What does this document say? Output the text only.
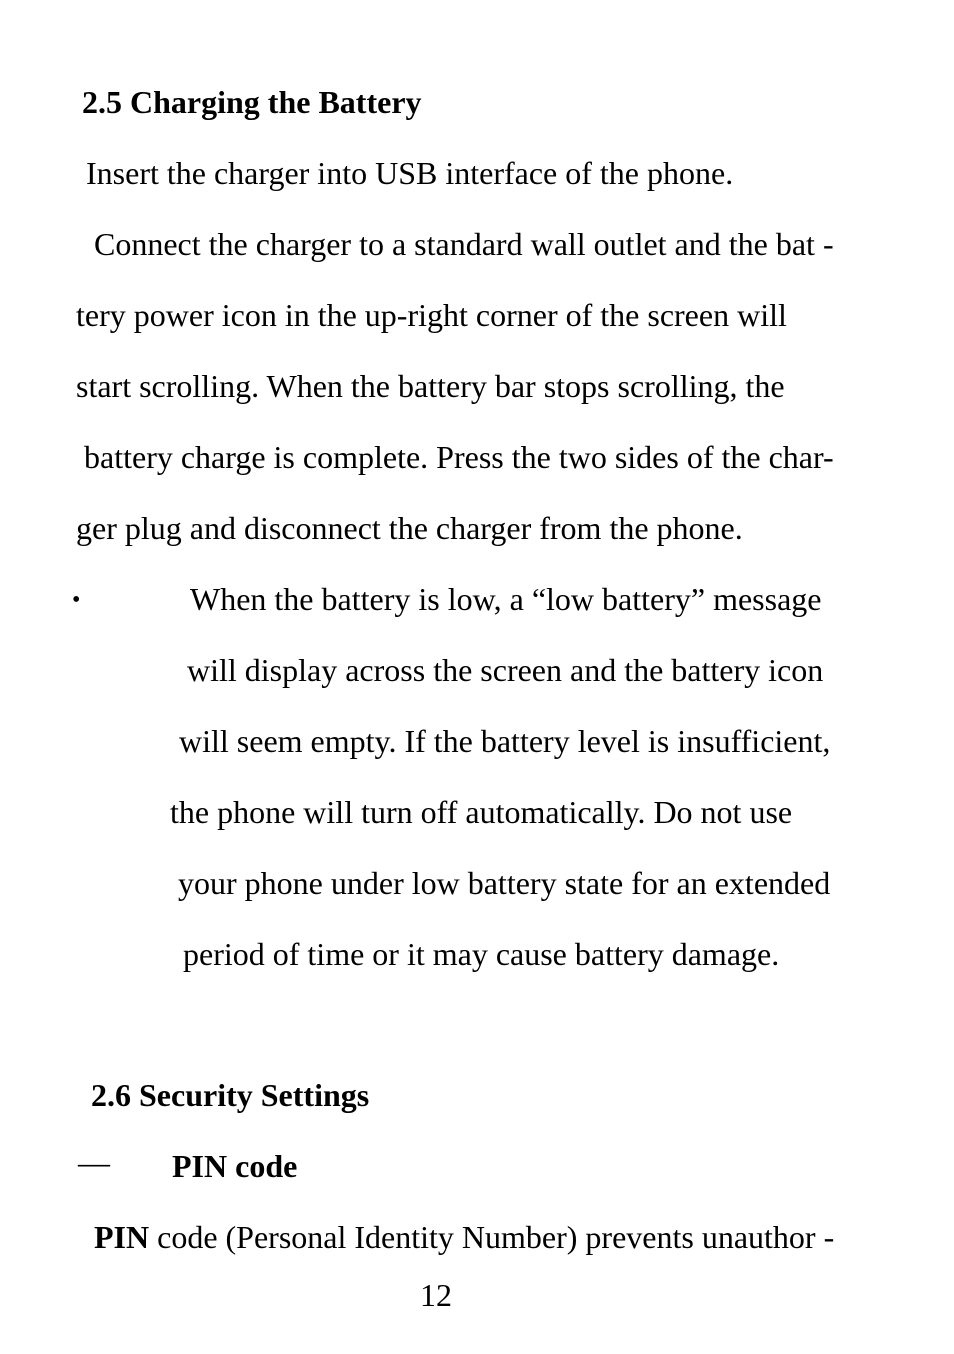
2.5 Charging the Battery

Insert the charger into USB interface of the phone.

Connect the charger to a standard wall outlet and the bat -

tery power icon in the up-right corner of the screen will

start scrolling. When the battery bar stops scrolling, the

battery charge is complete. Press the two sides of the char-

ger plug and disconnect the charger from the phone.

•	When the battery is low, a “low battery” message

will display across the screen and the battery icon

will seem empty. If the battery level is insufficient,

the phone will turn off automatically. Do not use

your phone under low battery state for an extended

period of time or it may cause battery damage.

2.6 Security Settings
— PIN code

PIN code (Personal Identity Number) prevents unauthor -

12
